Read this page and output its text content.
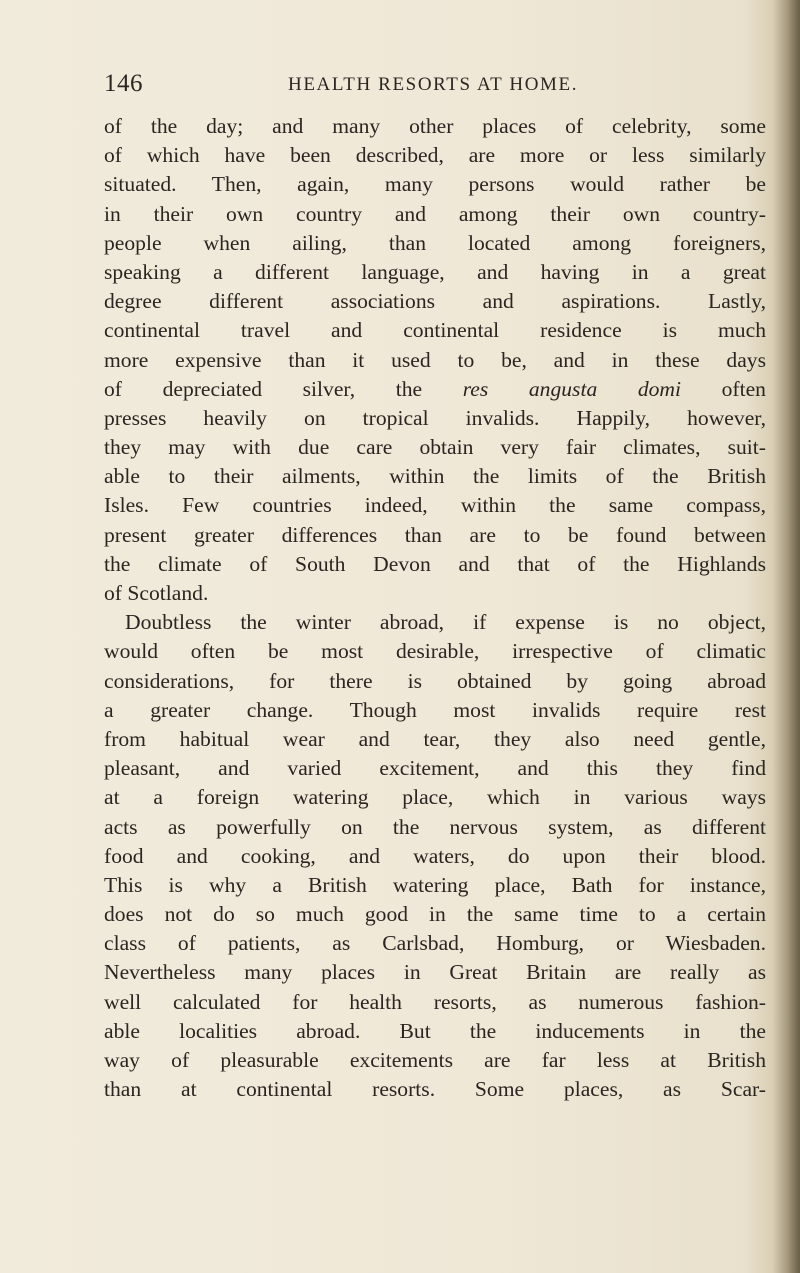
146	HEALTH RESORTS AT HOME.
of the day; and many other places of celebrity, some
of which have been described, are more or less similarly
situated. Then, again, many persons would rather be
in their own country and among their own country-
people when ailing, than located among foreigners,
speaking a different language, and having in a great
degree different associations and aspirations. Lastly,
continental travel and continental residence is much
more expensive than it used to be, and in these days
of depreciated silver, the res angusta domi often
presses heavily on tropical invalids. Happily, however,
they may with due care obtain very fair climates, suit-
able to their ailments, within the limits of the British
Isles. Few countries indeed, within the same compass,
present greater differences than are to be found between
the climate of South Devon and that of the Highlands
of Scotland.
Doubtless the winter abroad, if expense is no object,
would often be most desirable, irrespective of climatic
considerations, for there is obtained by going abroad
a greater change. Though most invalids require rest
from habitual wear and tear, they also need gentle,
pleasant, and varied excitement, and this they find
at a foreign watering place, which in various ways
acts as powerfully on the nervous system, as different
food and cooking, and waters, do upon their blood.
This is why a British watering place, Bath for instance,
does not do so much good in the same time to a certain
class of patients, as Carlsbad, Homburg, or Wiesbaden.
Nevertheless many places in Great Britain are really as
well calculated for health resorts, as numerous fashion-
able localities abroad. But the inducements in the
way of pleasurable excitements are far less at British
than at continental resorts. Some places, as Scar-
